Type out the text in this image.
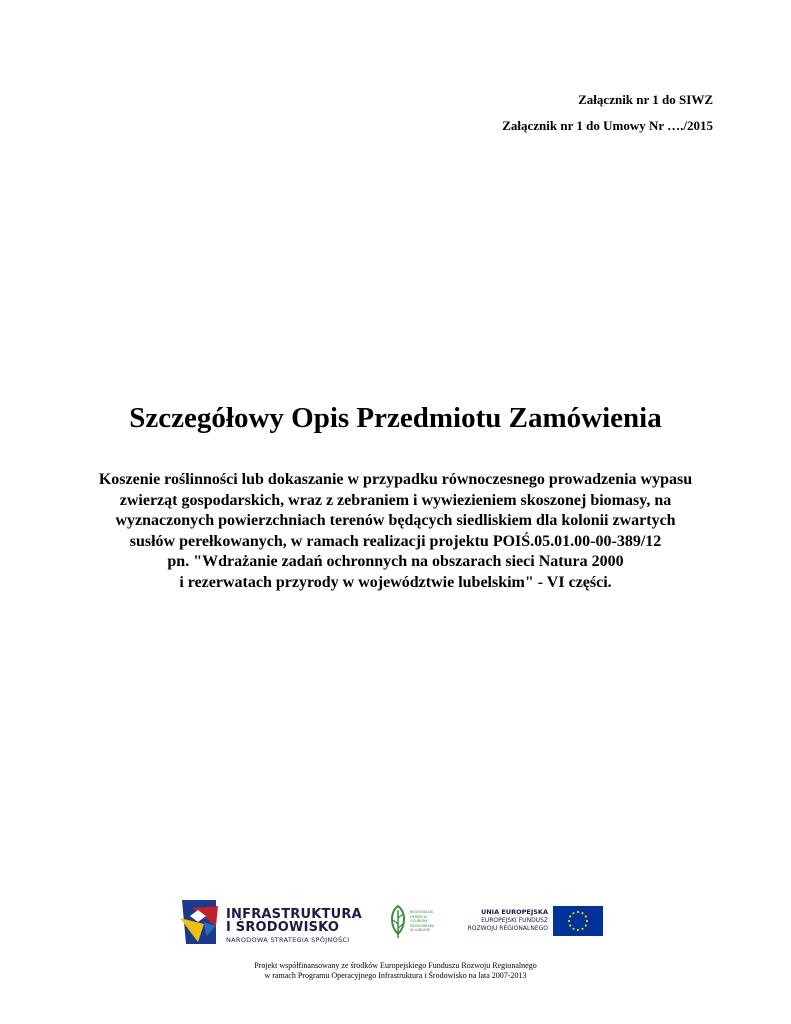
Załącznik nr 1 do SIWZ
Załącznik nr 1 do Umowy Nr …./2015
Szczegółowy Opis Przedmiotu Zamówienia
Koszenie roślinności lub dokaszanie w przypadku równoczesnego prowadzenia wypasu
zwierząt gospodarskich, wraz z zebraniem i wywiezieniem skoszonej biomasy, na
wyznaczonych powierzchniach terenów będących siedliskiem dla kolonii zwartych
susłów perełkowanych, w ramach realizacji projektu POIŚ.05.01.00-00-389/12
pn. "Wdrażanie zadań ochronnych na obszarach sieci Natura 2000
i rezerwatach przyrody w województwie lubelskim" - VI części.
INFRASTRUKTURA
I ŚRODOWISKO
NARODOWA STRATEGIA SPÓJNOŚCI
REGIONALNA
DYREKCJA
OCHRONY
ŚRODOWISKA
W LUBLINIE
UNIA EUROPEJSKA
EUROPEJSKI FUNDUSZ
ROZWOJU REGIONALNEGO
Projekt współfinansowany ze środków Europejskiego Funduszu Rozwoju Regionalnego
w ramach Programu Operacyjnego Infrastruktura i Środowisko na lata 2007-2013
